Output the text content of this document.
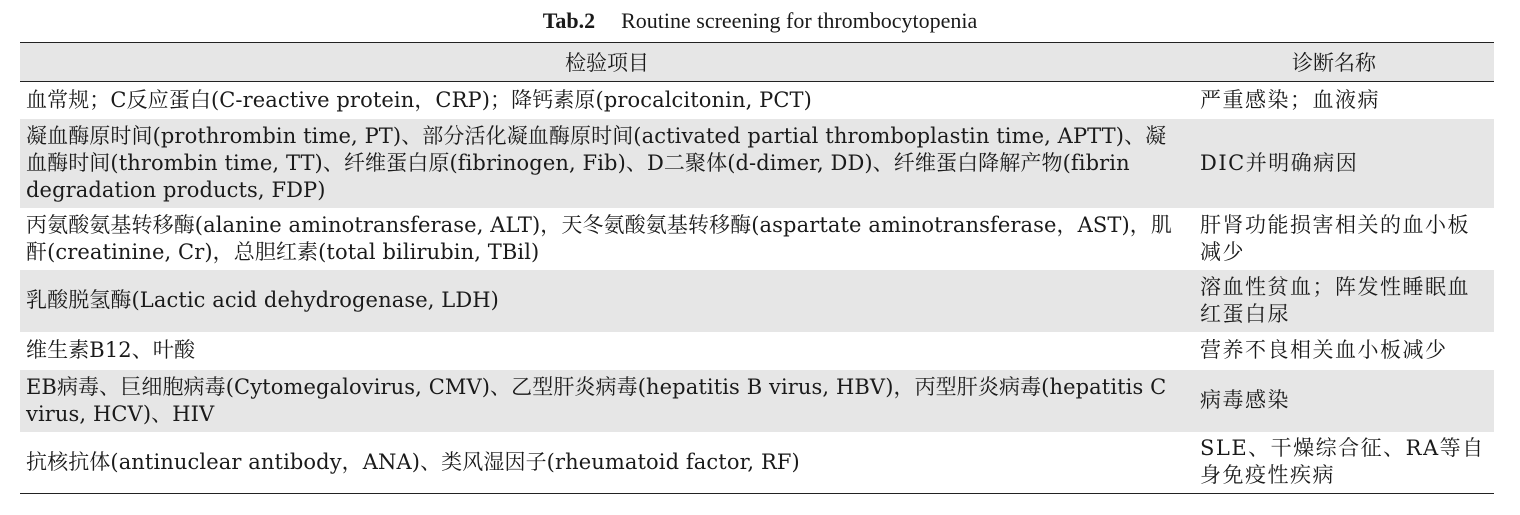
Tab.2 Routine screening for thrombocytopenia
检验项目	诊断名称
血常规；C反应蛋白(C-reactive protein，CRP)；降钙素原(procalcitonin, PCT)	严重感染；血液病
凝血酶原时间(prothrombin time, PT)、部分活化凝血酶原时间(activated partial thromboplastin time, APTT)、凝血酶时间(thrombin time, TT)、纤维蛋白原(fibrinogen, Fib)、D二聚体(d-dimer, DD)、纤维蛋白降解产物(fibrin degradation products, FDP)	DIC并明确病因
丙氨酸氨基转移酶(alanine aminotransferase, ALT)，天冬氨酸氨基转移酶(aspartate aminotransferase，AST)，肌酐(creatinine, Cr)，总胆红素(total bilirubin, TBil)	肝肾功能损害相关的血小板减少
乳酸脱氢酶(Lactic acid dehydrogenase, LDH)	溶血性贫血；阵发性睡眠血红蛋白尿
维生素B12、叶酸	营养不良相关血小板减少
EB病毒、巨细胞病毒(Cytomegalovirus, CMV)、乙型肝炎病毒(hepatitis B virus, HBV)，丙型肝炎病毒(hepatitis C virus, HCV)、HIV	病毒感染
抗核抗体(antinuclear antibody，ANA)、类风湿因子(rheumatoid factor, RF)	SLE、干燥综合征、RA等自身免疫性疾病
